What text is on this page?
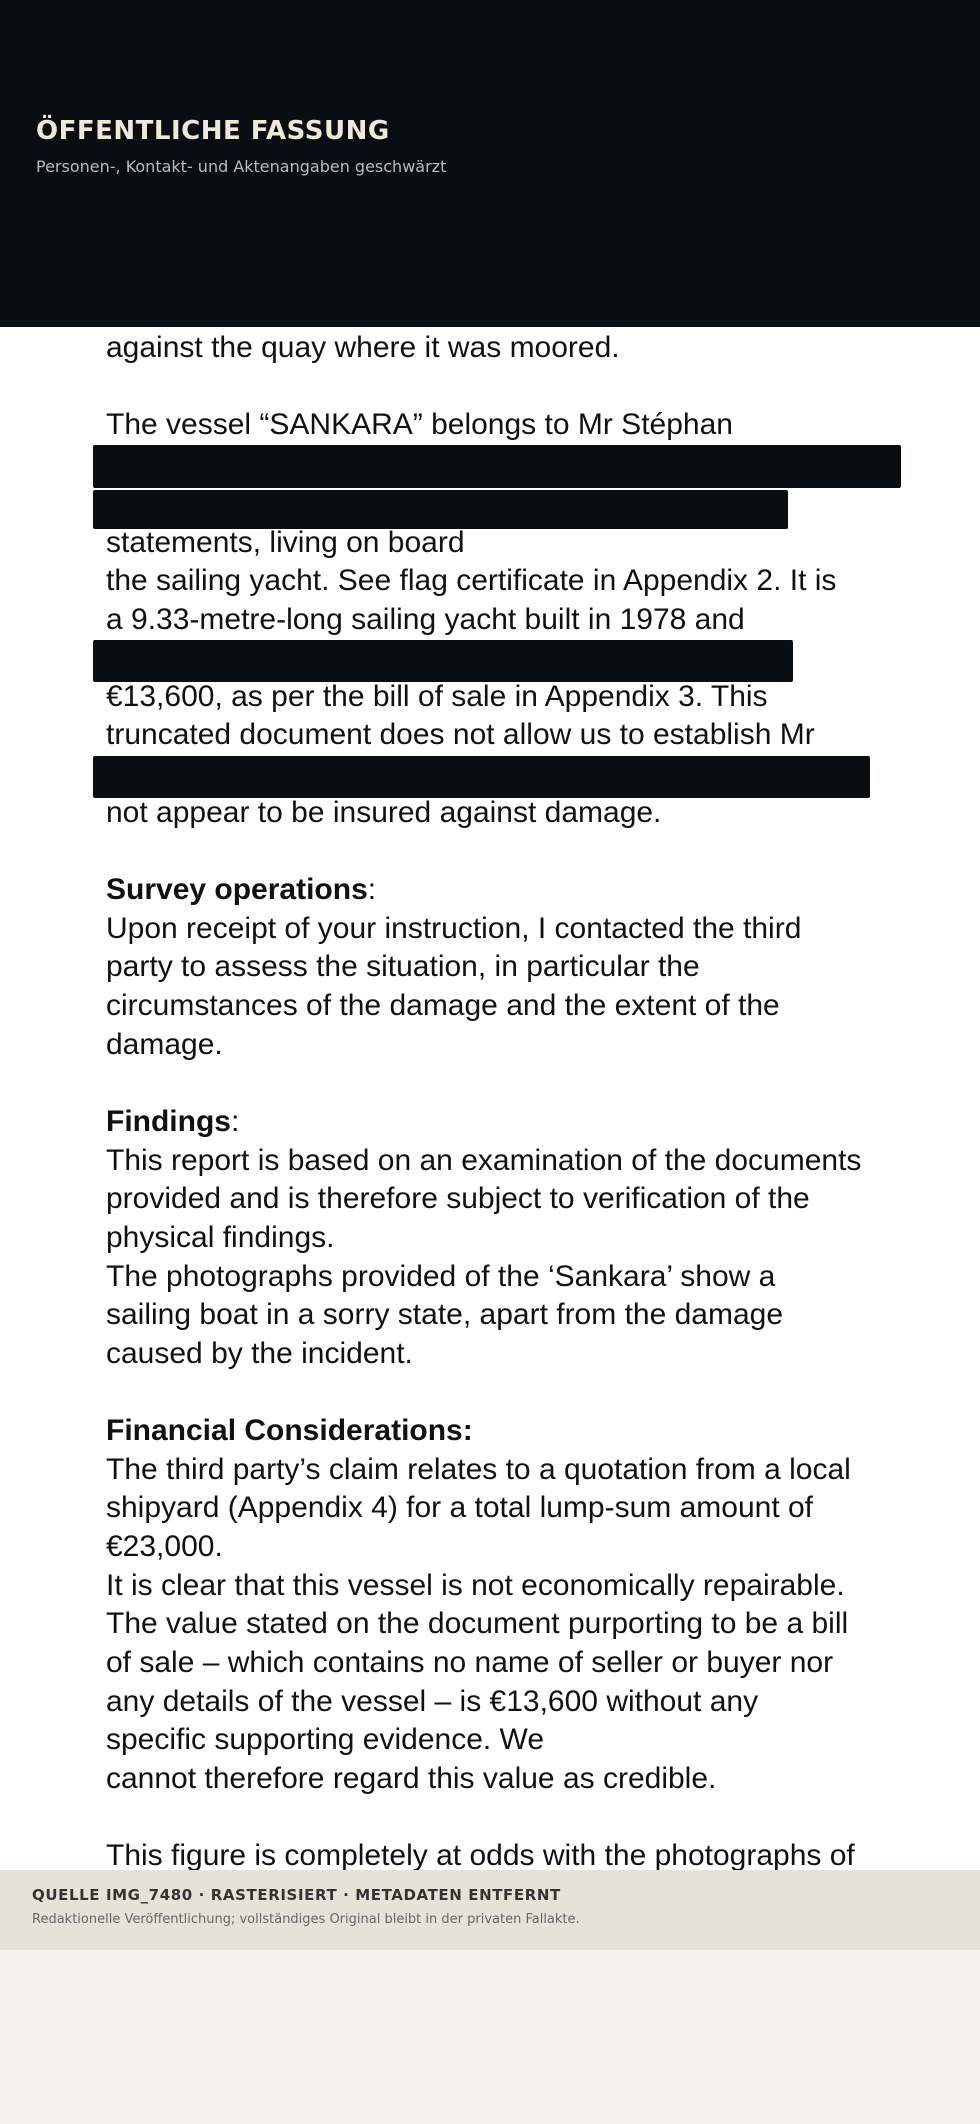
ÖFFENTLICHE FASSUNG
Personen-, Kontakt- und Aktenangaben geschwärzt
against the quay where it was moored.
The vessel “SANKARA” belongs to Mr Stéphan
statements, living on board
the sailing yacht. See flag certificate in Appendix 2. It is
a 9.33-metre-long sailing yacht built in 1978 and
€13,600, as per the bill of sale in Appendix 3. This
truncated document does not allow us to establish Mr
not appear to be insured against damage.
Survey operations:
Upon receipt of your instruction, I contacted the third
party to assess the situation, in particular the
circumstances of the damage and the extent of the
damage.
Findings:
This report is based on an examination of the documents
provided and is therefore subject to verification of the
physical findings.
The photographs provided of the ‘Sankara’ show a
sailing boat in a sorry state, apart from the damage
caused by the incident.
Financial Considerations:
The third party’s claim relates to a quotation from a local
shipyard (Appendix 4) for a total lump-sum amount of
€23,000.
It is clear that this vessel is not economically repairable.
The value stated on the document purporting to be a bill
of sale – which contains no name of seller or buyer nor
any details of the vessel – is €13,600 without any
specific supporting evidence. We
cannot therefore regard this value as credible.
This figure is completely at odds with the photographs of
QUELLE IMG_7480 · RASTERISIERT · METADATEN ENTFERNT
Redaktionelle Veröffentlichung; vollständiges Original bleibt in der privaten Fallakte.
